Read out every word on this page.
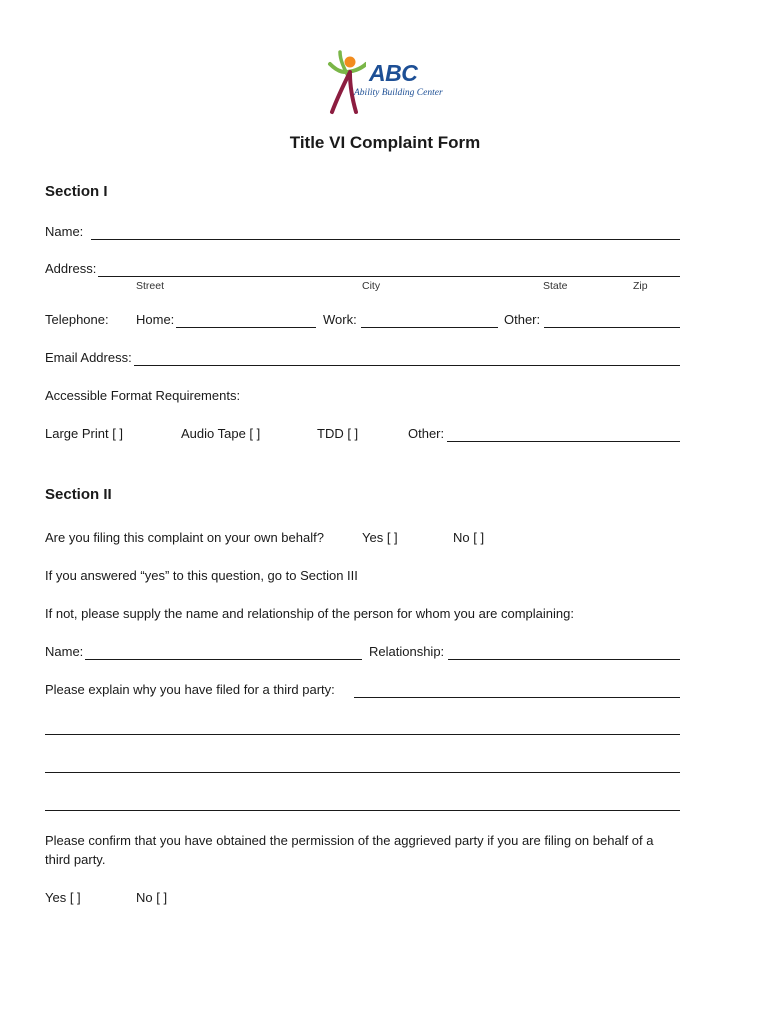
ABC
Ability Building Center
Title VI Complaint Form
Section I
Name:
Address:
Street	City	State	Zip
Telephone: Home:	Work:	Other:
Email Address:
Accessible Format Requirements:
Large Print [ ]	Audio Tape [ ]	TDD [ ]	Other:
Section II
Are you filing this complaint on your own behalf?	Yes [ ]	No [ ]
If you answered “yes” to this question, go to Section III
If not, please supply the name and relationship of the person for whom you are complaining:
Name:	Relationship:
Please explain why you have filed for a third party:
Please confirm that you have obtained the permission of the aggrieved party if you are filing on behalf of a
third party.
Yes [ ]	No [ ]
